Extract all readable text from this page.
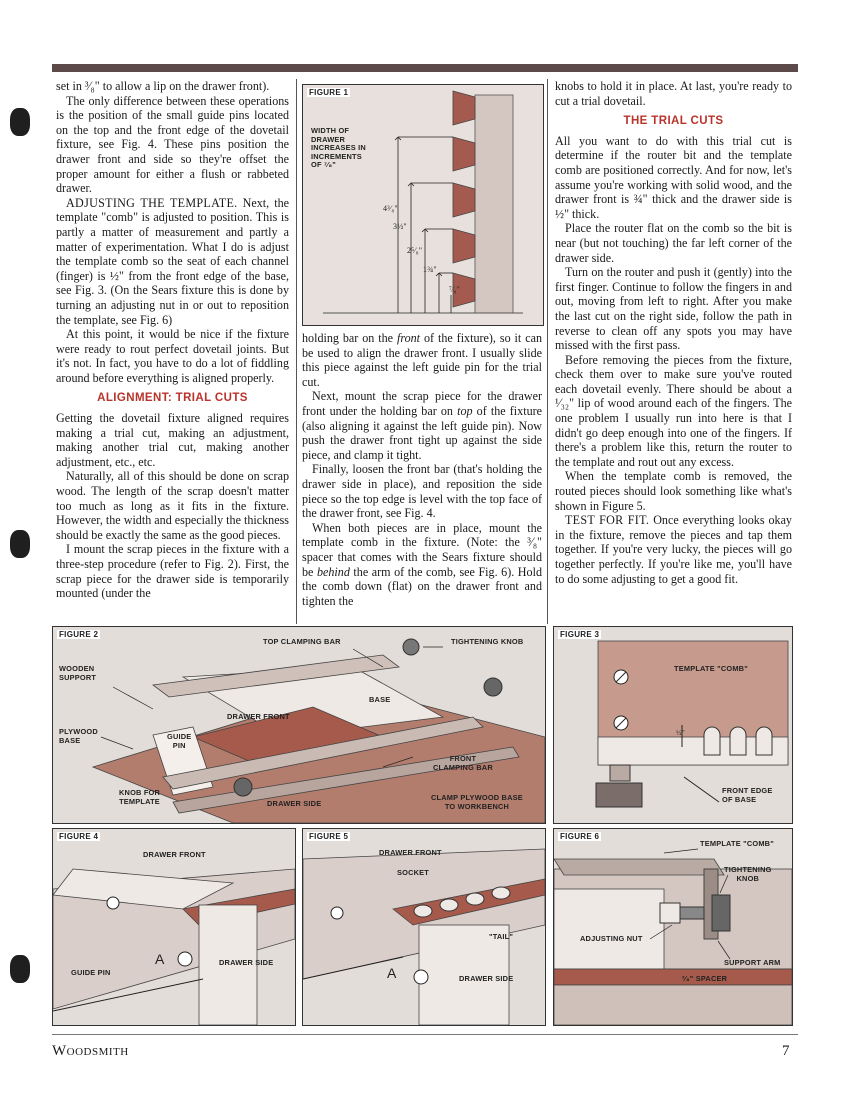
set in ³⁄₈" to allow a lip on the drawer front).

The only difference between these operations is the position of the small guide pins located on the top and the front edge of the dovetail fixture, see Fig. 4. These pins position the drawer front and side so they're offset the proper amount for either a flush or rabbeted drawer.

ADJUSTING THE TEMPLATE. Next, the template "comb" is adjusted to position. This is partly a matter of measurement and partly a matter of experimentation. What I do is adjust the template comb so the seat of each channel (finger) is ½" from the front edge of the base, see Fig. 3. (On the Sears fixture this is done by turning an adjusting nut in or out to reposition the template, see Fig. 6)

At this point, it would be nice if the fixture were ready to rout perfect dovetail joints. But it's not. In fact, you have to do a lot of fiddling around before everything is aligned properly.

ALIGNMENT: TRIAL CUTS

Getting the dovetail fixture aligned requires making a trial cut, making an adjustment, making another trial cut, making another adjustment, etc., etc.

Naturally, all of this should be done on scrap wood. The length of the scrap doesn't matter too much as long as it fits in the fixture. However, the width and especially the thickness should be exactly the same as the good pieces.

I mount the scrap pieces in the fixture with a three-step procedure (refer to Fig. 2). First, the scrap piece for the drawer side is temporarily mounted (under the

FIGURE 1
WIDTH OF
DRAWER
INCREASES IN
INCREMENTS
OF ⁷⁄₈"
4³⁄₈"
3½"
2⁵⁄₈"
1¾"
⁷⁄₈"

holding bar on the front of the fixture), so it can be used to align the drawer front. I usually slide this piece against the left guide pin for the trial cut.

Next, mount the scrap piece for the drawer front under the holding bar on top of the fixture (also aligning it against the left guide pin). Now push the drawer front tight up against the side piece, and clamp it tight.

Finally, loosen the front bar (that's holding the drawer side in place), and reposition the side piece so the top edge is level with the top face of the drawer front, see Fig. 4.

When both pieces are in place, mount the template comb in the fixture. (Note: the ³⁄₈" spacer that comes with the Sears fixture should be behind the arm of the comb, see Fig. 6). Hold the comb down (flat) on the drawer front and tighten the

knobs to hold it in place. At last, you're ready to cut a trial dovetail.

THE TRIAL CUTS

All you want to do with this trial cut is determine if the router bit and the template comb are positioned correctly. And for now, let's assume you're working with solid wood, and the drawer front is ¾" thick and the drawer side is ½" thick.

Place the router flat on the comb so the bit is near (but not touching) the far left corner of the drawer side.

Turn on the router and push it (gently) into the first finger. Continue to follow the fingers in and out, moving from left to right. After you make the last cut on the right side, follow the path in reverse to clean off any spots you may have missed with the first pass.

Before removing the pieces from the fixture, check them over to make sure you've routed each dovetail evenly. There should be about a ¹⁄₃₂" lip of wood around each of the fingers. The one problem I usually run into here is that I didn't go deep enough into one of the fingers. If there's a problem like this, return the router to the template and rout out any excess.

When the template comb is removed, the routed pieces should look something like what's shown in Figure 5.

TEST FOR FIT. Once everything looks okay in the fixture, remove the pieces and tap them together. If you're very lucky, the pieces will go together perfectly. If you're like me, you'll have to do some adjusting to get a good fit.

FIGURE 2
TOP CLAMPING BAR	TIGHTENING KNOB
WOODEN
SUPPORT
PLYWOOD
BASE	GUIDE
PIN
BASE
DRAWER FRONT
FRONT
CLAMPING BAR
KNOB FOR
TEMPLATE	DRAWER SIDE
CLAMP PLYWOOD BASE
TO WORKBENCH
FIGURE 3
TEMPLATE "COMB"
½"
FRONT EDGE
OF BASE
FIGURE 4
DRAWER FRONT
DRAWER SIDE
GUIDE PIN
A
FIGURE 5
DRAWER FRONT
SOCKET
"TAIL"
DRAWER SIDE
A
FIGURE 6
TEMPLATE "COMB"
TIGHTENING
KNOB
ADJUSTING NUT
SUPPORT ARM
³⁄₈" SPACER
Woodsmith	7
